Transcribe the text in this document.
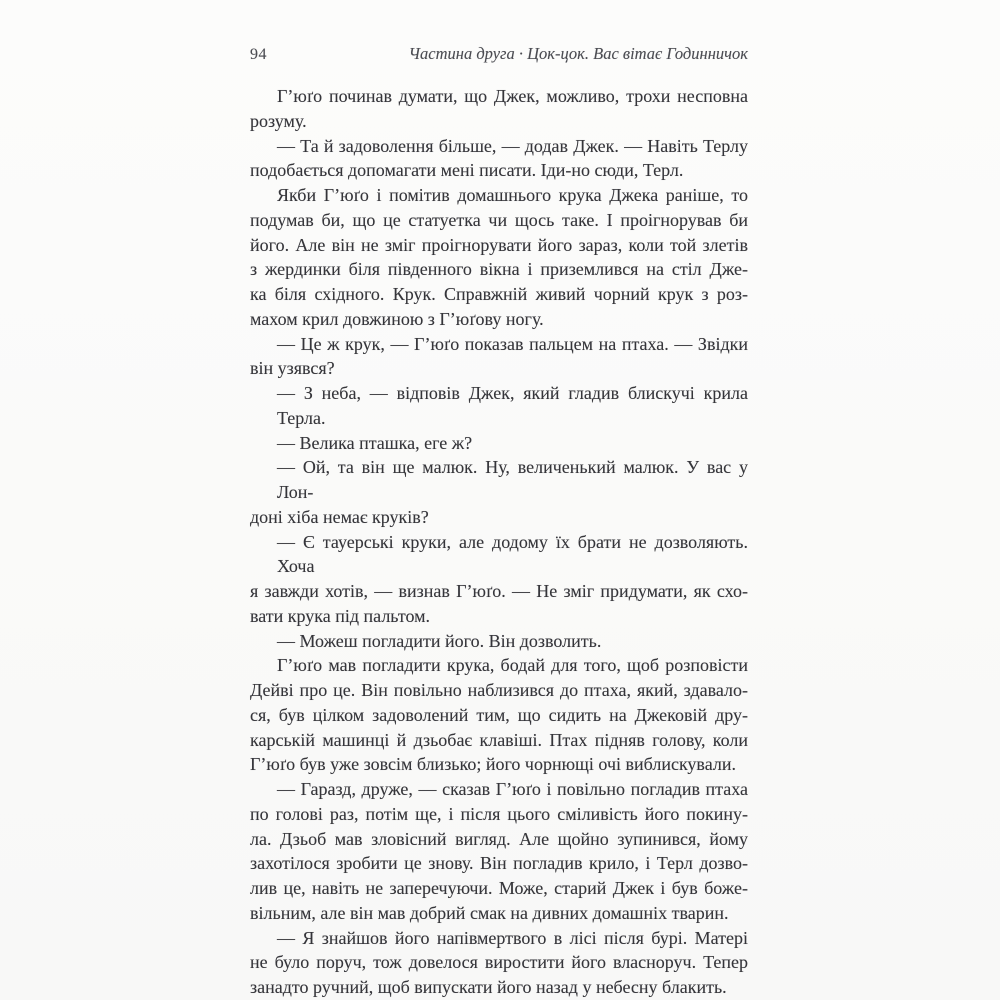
94	Частина друга · Цок-цок. Вас вітає Годинничок
Г’юґо починав думати, що Джек, можливо, трохи несповна
розуму.
— Та й задоволення більше, — додав Джек. — Навіть Терлу
подобається допомагати мені писати. Іди-но сюди, Терл.
Якби Г’юґо і помітив домашнього крука Джека раніше, то
подумав би, що це статуетка чи щось таке. І проігнорував би
його. Але він не зміг проігнорувати його зараз, коли той злетів
з жердинки біля південного вікна і приземлився на стіл Дже-
ка біля східного. Крук. Справжній живий чорний крук з роз-
махом крил довжиною з Г’юґову ногу.
— Це ж крук, — Г’юґо показав пальцем на птаха. — Звідки
він узявся?
— З неба, — відповів Джек, який гладив блискучі крила Терла.
— Велика пташка, еге ж?
— Ой, та він ще малюк. Ну, величенький малюк. У вас у Лон-
доні хіба немає круків?
— Є тауерські круки, але додому їх брати не дозволяють. Хоча
я завжди хотів, — визнав Г’юґо. — Не зміг придумати, як схо-
вати крука під пальтом.
— Можеш погладити його. Він дозволить.
Г’юґо мав погладити крука, бодай для того, щоб розповісти
Дейві про це. Він повільно наблизився до птаха, який, здавало-
ся, був цілком задоволений тим, що сидить на Джековій дру-
карській машинці й дзьобає клавіші. Птах підняв голову, коли
Г’юґо був уже зовсім близько; його чорнющі очі виблискували.
— Гаразд, друже, — сказав Г’юґо і повільно погладив птаха
по голові раз, потім ще, і після цього сміливість його покину-
ла. Дзьоб мав зловісний вигляд. Але щойно зупинився, йому
захотілося зробити це знову. Він погладив крило, і Терл дозво-
лив це, навіть не заперечуючи. Може, старий Джек і був боже-
вільним, але він мав добрий смак на дивних домашніх тварин.
— Я знайшов його напівмертвого в лісі після бурі. Матері
не було поруч, тож довелося виростити його власноруч. Тепер
занадто ручний, щоб випускати його назад у небесну блакить.
